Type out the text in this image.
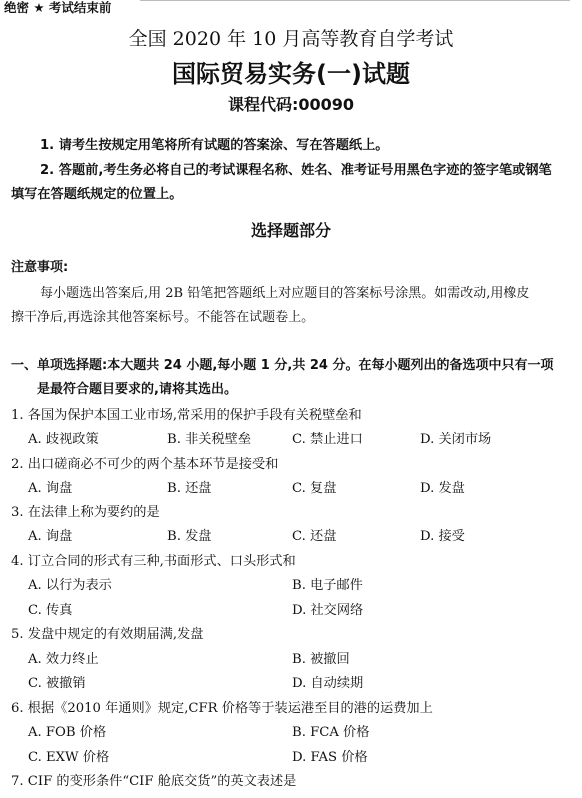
绝密 ★ 考试结束前
全国 2020 年 10 月高等教育自学考试
国际贸易实务(一)试题
课程代码:00090
1. 请考生按规定用笔将所有试题的答案涂、写在答题纸上。
2. 答题前,考生务必将自己的考试课程名称、姓名、准考证号用黑色字迹的签字笔或钢笔
填写在答题纸规定的位置上。
选择题部分
注意事项:
每小题选出答案后,用 2B 铅笔把答题纸上对应题目的答案标号涂黑。如需改动,用橡皮
擦干净后,再选涂其他答案标号。不能答在试题卷上。
一、单项选择题:本大题共 24 小题,每小题 1 分,共 24 分。在每小题列出的备选项中只有一项
是最符合题目要求的,请将其选出。
1. 各国为保护本国工业市场,常采用的保护手段有关税壁垒和
A. 歧视政策	B. 非关税壁垒	C. 禁止进口	D. 关闭市场
2. 出口磋商必不可少的两个基本环节是接受和
A. 询盘	B. 还盘	C. 复盘	D. 发盘
3. 在法律上称为要约的是
A. 询盘	B. 发盘	C. 还盘	D. 接受
4. 订立合同的形式有三种,书面形式、口头形式和
A. 以行为表示	B. 电子邮件
C. 传真	D. 社交网络
5. 发盘中规定的有效期届满,发盘
A. 效力终止	B. 被撤回
C. 被撤销	D. 自动续期
6. 根据《2010 年通则》规定,CFR 价格等于装运港至目的港的运费加上
A. FOB 价格	B. FCA 价格
C. EXW 价格	D. FAS 价格
7. CIF 的变形条件“CIF 舱底交货”的英文表述是
